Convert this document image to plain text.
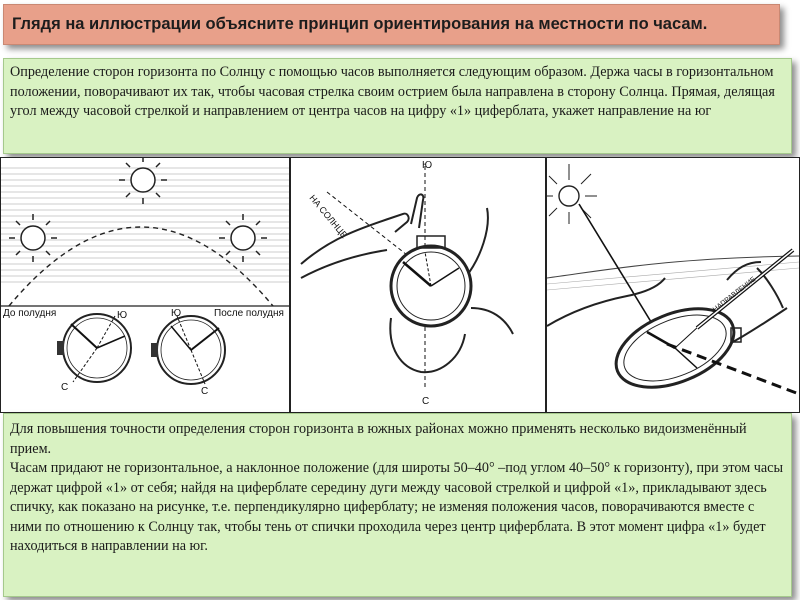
Глядя на иллюстрации объясните принцип ориентирования на местности по часам.
Определение сторон горизонта по Солнцу с помощью часов выполняется следующим образом. Держа часы в горизонтальном положении, поворачивают их так, чтобы часовая стрелка своим острием была направлена в сторону Солнца. Прямая, делящая угол между часовой стрелкой и направлением от центра часов на цифру «1» циферблата, укажет направление на юг
До полудня	После полудня
Ю
С
Ю
С
НА СОЛНЦЕ
Ю
С
НАПРАВЛЕНИЕ

Для повышения точности определения сторон горизонта в южных районах можно применять несколько видоизменённый прием.

Часам придают не горизонтальное, а наклонное положение (для широты 50–40° –под углом 40–50° к горизонту), при этом часы держат цифрой «1» от себя; найдя на циферблате середину дуги между часовой стрелкой и цифрой «1», прикладывают здесь спичку, как показано на рисунке, т.е. перпендикулярно циферблату; не изменяя положения часов, поворачиваются вместе с ними по отношению к Солнцу так, чтобы тень от спички проходила через центр циферблата. В этот момент цифра «1» будет находиться в направлении на юг.
